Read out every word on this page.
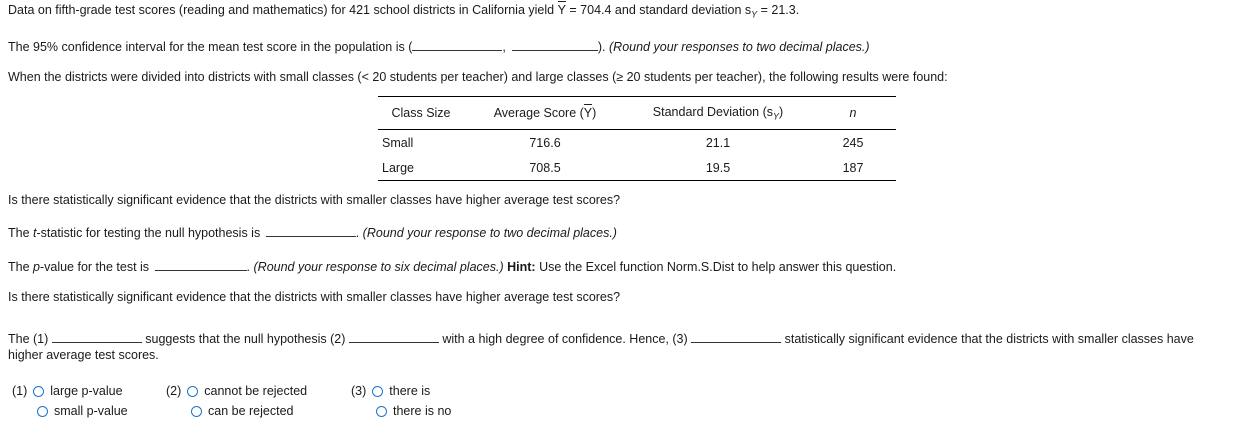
Data on fifth-grade test scores (reading and mathematics) for 421 school districts in California yield Y = 704.4 and standard deviation $s_Y = 21.3$.
The 95% confidence interval for the mean test score in the population is (	,	). (Round your responses to two decimal places.)
When the districts were divided into districts with small classes (< 20 students per teacher) and large classes (≥ 20 students per teacher), the following results were found:
Class Size	Average Score (Y)	Standard Deviation $(s_Y)$	n
Small	716.6	21.1	245
Large	708.5	19.5	187
Is there statistically significant evidence that the districts with smaller classes have higher average test scores?
The t-statistic for testing the null hypothesis is	. (Round your response to two decimal places.)
The p-value for the test is	. (Round your response to six decimal places.) Hint: Use the Excel function Norm.S.Dist to help answer this question.
Is there statistically significant evidence that the districts with smaller classes have higher average test scores?
The (1)	suggests that the null hypothesis (2)	with a high degree of confidence. Hence, (3)	statistically significant evidence that the districts with smaller classes have
higher average test scores.
(1) large p-value
small p-value
(2) cannot be rejected
can be rejected
(3) there is
there is no
